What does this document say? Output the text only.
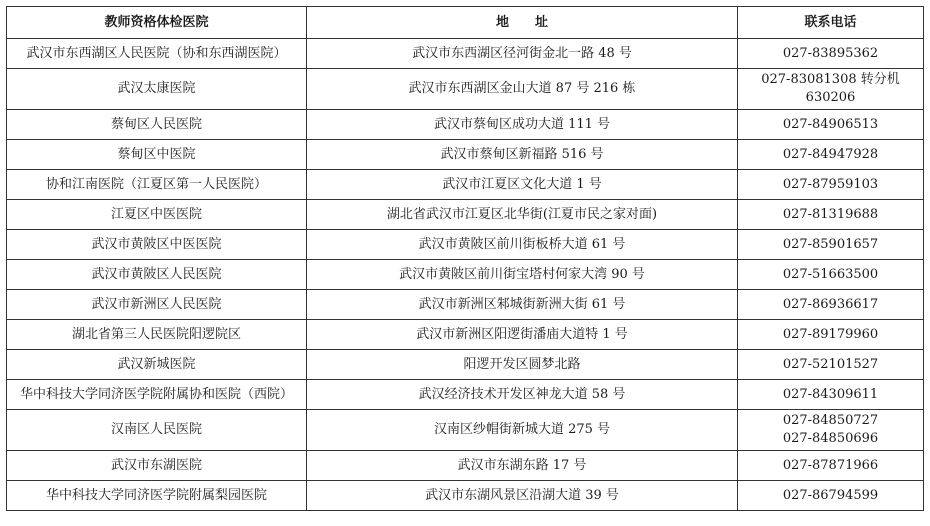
教师资格体检医院	地　　址	联系电话
武汉市东西湖区人民医院（协和东西湖医院）	武汉市东西湖区径河街金北一路 48 号	027-83895362

武汉太康医院	武汉市东西湖区金山大道 87 号 216 栋	027-83081308 转分机
630206

蔡甸区人民医院	武汉市蔡甸区成功大道 111 号	027-84906513

蔡甸区中医院	武汉市蔡甸区新福路 516 号	027-84947928

协和江南医院（江夏区第一人民医院）	武汉市江夏区文化大道 1 号	027-87959103

江夏区中医医院	湖北省武汉市江夏区北华街(江夏市民之家对面)	027-81319688

武汉市黄陂区中医医院	武汉市黄陂区前川街板桥大道 61 号	027-85901657

武汉市黄陂区人民医院	武汉市黄陂区前川街宝塔村何家大湾 90 号	027-51663500

武汉市新洲区人民医院	武汉市新洲区邾城街新洲大街 61 号	027-86936617

湖北省第三人民医院阳逻院区	武汉市新洲区阳逻街潘庙大道特 1 号	027-89179960

武汉新城医院	阳逻开发区圆梦北路	027-52101527

华中科技大学同济医学院附属协和医院（西院）	武汉经济技术开发区神龙大道 58 号	027-84309611

汉南区人民医院	汉南区纱帽街新城大道 275 号	027-84850727
027-84850696

武汉市东湖医院	武汉市东湖东路 17 号	027-87871966

华中科技大学同济医学院附属梨园医院	武汉市东湖风景区沿湖大道 39 号	027-86794599
